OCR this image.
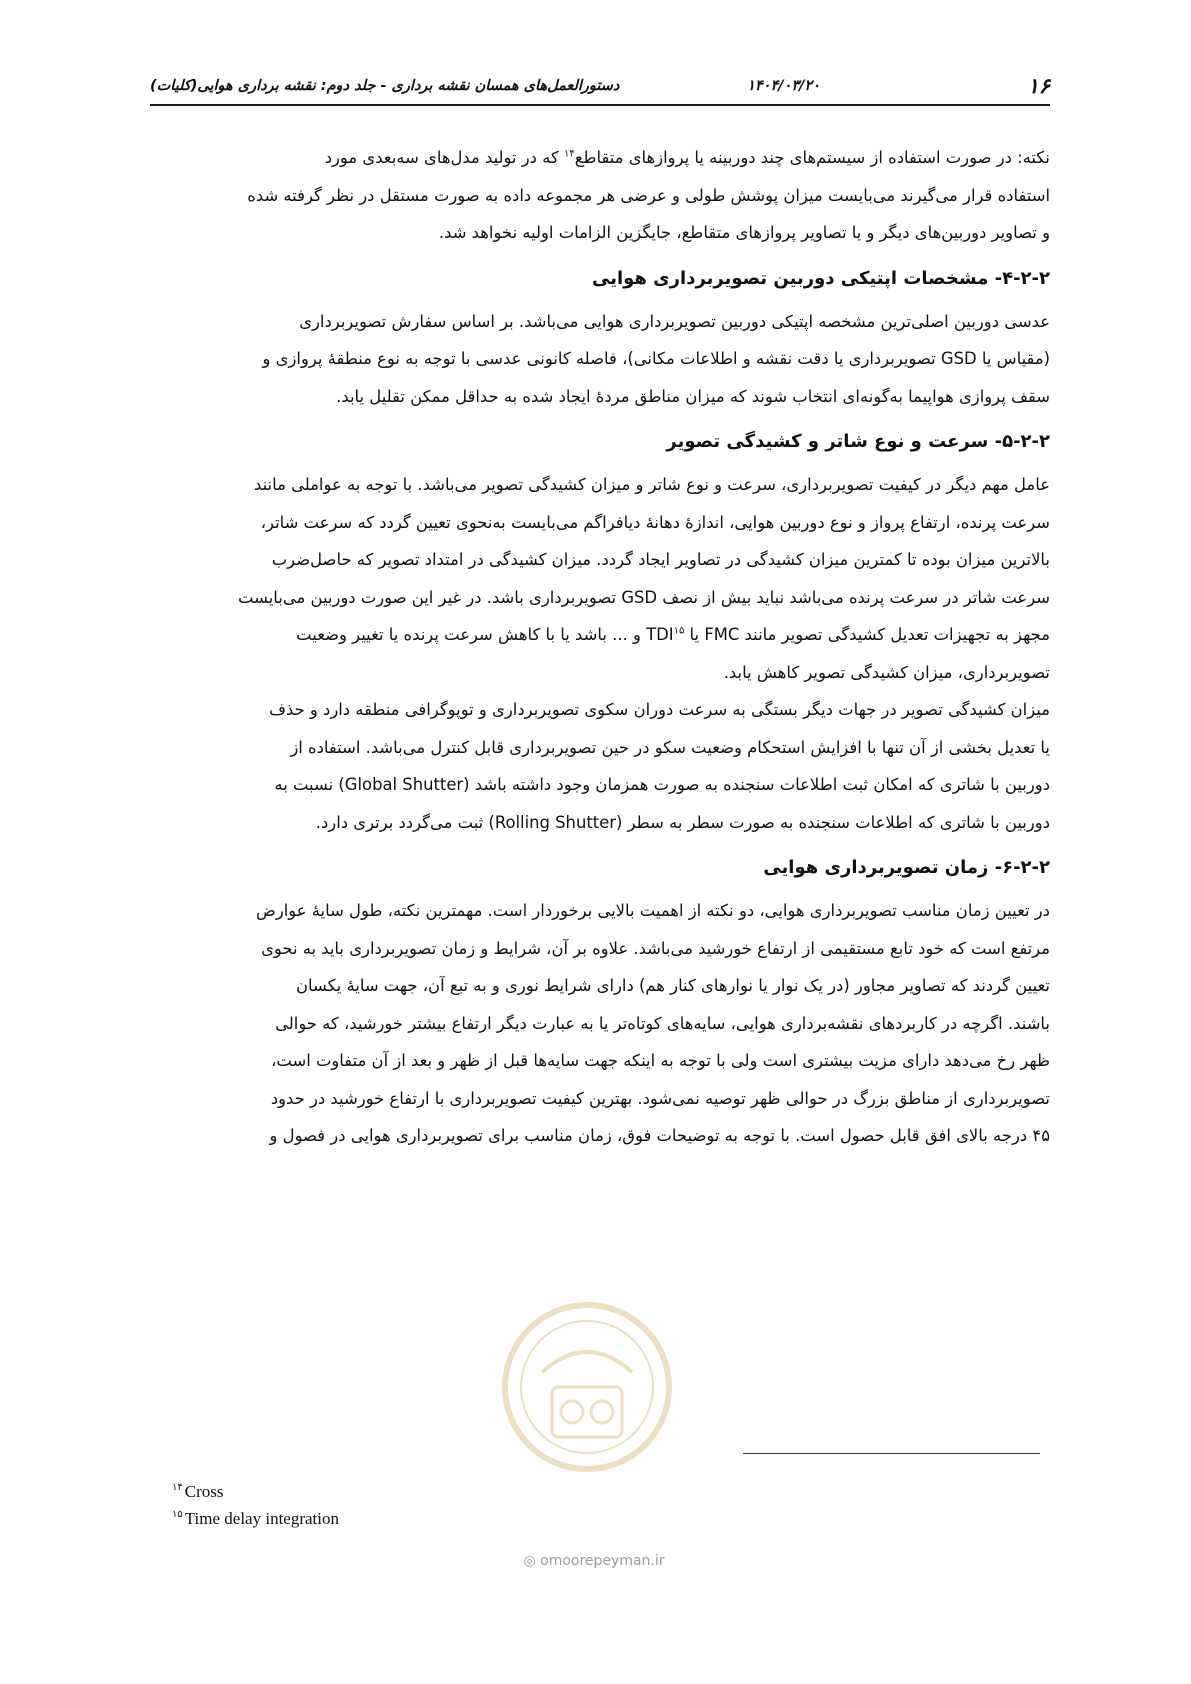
۱۶
۱۴۰۴/۰۳/۲۰
دستورالعمل‌های همسان نقشه برداری - جلد دوم: نقشه برداری هوایی(کلیات)
نکته: در صورت استفاده از سیستم‌های چند دوربینه یا پروازهای متقاطع$^{۱۴}$ که در تولید مدل‌های سه‌بعدی مورد
استفاده قرار می‌گیرند می‌بایست میزان پوشش طولی و عرضی هر مجموعه داده به صورت مستقل در نظر گرفته شده
و تصاویر دوربین‌های دیگر و یا تصاویر پروازهای متقاطع، جایگزین الزامات اولیه نخواهد شد.
۴-۲-۲- مشخصات اپتیکی دوربین تصویربرداری هوایی
عدسی دوربین اصلی‌ترین مشخصه اپتیکی دوربین تصویربرداری هوایی می‌باشد. بر اساس سفارش تصویربرداری
(مقیاس یا GSD تصویربرداری یا دقت نقشه و اطلاعات مکانی)، فاصله کانونی عدسی با توجه به نوع منطقهٔ پروازی و
سقف پروازی هواپیما به‌گونه‌ای انتخاب شوند که میزان مناطق مردهٔ ایجاد شده به حداقل ممکن تقلیل یابد.
۵-۲-۲- سرعت و نوع شاتر و کشیدگی تصویر
عامل مهم دیگر در کیفیت تصویربرداری، سرعت و نوع شاتر و میزان کشیدگی تصویر می‌باشد. با توجه به عواملی مانند
سرعت پرنده، ارتفاع پرواز و نوع دوربین هوایی، اندازهٔ دهانهٔ دیافراگم می‌بایست به‌نحوی تعیین گردد که سرعت شاتر،
بالاترین میزان بوده تا کمترین میزان کشیدگی در تصاویر ایجاد گردد. میزان کشیدگی در امتداد تصویر که حاصل‌ضرب
سرعت شاتر در سرعت پرنده می‌باشد نباید بیش از نصف GSD تصویربرداری باشد. در غیر این صورت دوربین می‌بایست
مجهز به تجهیزات تعدیل کشیدگی تصویر مانند FMC یا TDI$^{۱۵}$ و ... باشد یا با کاهش سرعت پرنده یا تغییر وضعیت
تصویربرداری، میزان کشیدگی تصویر کاهش یابد.
میزان کشیدگی تصویر در جهات دیگر بستگی به سرعت دوران سکوی تصویربرداری و توپوگرافی منطقه دارد و حذف
یا تعدیل بخشی از آن تنها با افزایش استحکام وضعیت سکو در حین تصویربرداری قابل کنترل می‌باشد. استفاده از
دوربین با شاتری که امکان ثبت اطلاعات سنجنده به صورت همزمان وجود داشته باشد (Global Shutter) نسبت به
دوربین با شاتری که اطلاعات سنجنده به صورت سطر به سطر (Rolling Shutter) ثبت می‌گردد برتری دارد.
۶-۲-۲- زمان تصویربرداری هوایی
در تعیین زمان مناسب تصویربرداری هوایی، دو نکته از اهمیت بالایی برخوردار است. مهمترین نکته، طول سایهٔ عوارض
مرتفع است که خود تابع مستقیمی از ارتفاع خورشید می‌باشد. علاوه بر آن، شرایط و زمان تصویربرداری باید به نحوی
تعیین گردند که تصاویر مجاور (در یک نوار یا نوارهای کنار هم) دارای شرایط نوری و به تبع آن، جهت سایهٔ یکسان
باشند. اگرچه در کاربردهای نقشه‌برداری هوایی، سایه‌های کوتاه‌تر یا به عبارت دیگر ارتفاع بیشتر خورشید، که حوالی
ظهر رخ می‌دهد دارای مزیت بیشتری است ولی با توجه به اینکه جهت سایه‌ها قبل از ظهر و بعد از آن متفاوت است،
تصویربرداری از مناطق بزرگ در حوالی ظهر توصیه نمی‌شود. بهترین کیفیت تصویربرداری با ارتفاع خورشید در حدود
۴۵ درجه بالای افق قابل حصول است. با توجه به توضیحات فوق، زمان مناسب برای تصویربرداری هوایی در فصول و
◎ omoorepeyman.ir
$^{۱۴}$ Cross
$^{۱۵}$ Time delay integration
